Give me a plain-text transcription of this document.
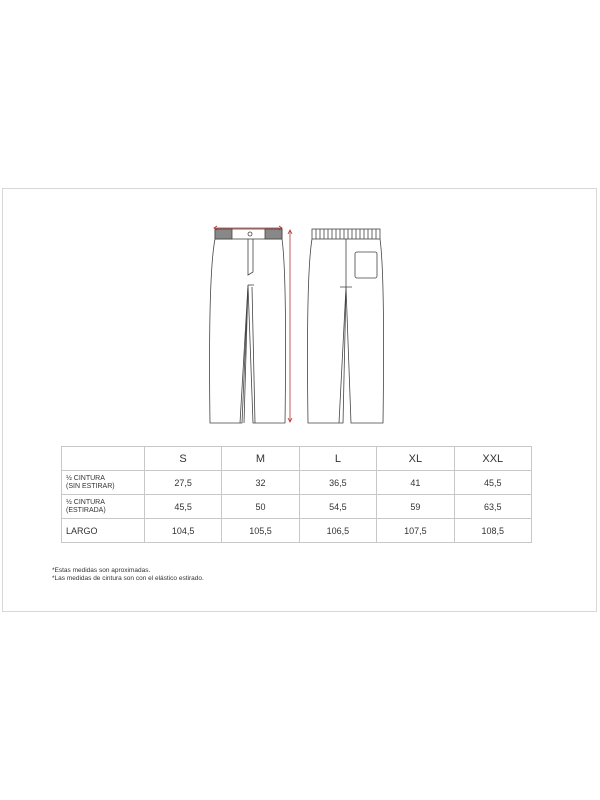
	S	M	L	XL	XXL
½ CINTURA
(SIN ESTIRAR)	27,5	32	36,5	41	45,5
½ CINTURA
(ESTIRADA)	45,5	50	54,5	59	63,5
LARGO	104,5	105,5	106,5	107,5	108,5
*Estas medidas son aproximadas.
*Las medidas de cintura son con el elástico estirado.
